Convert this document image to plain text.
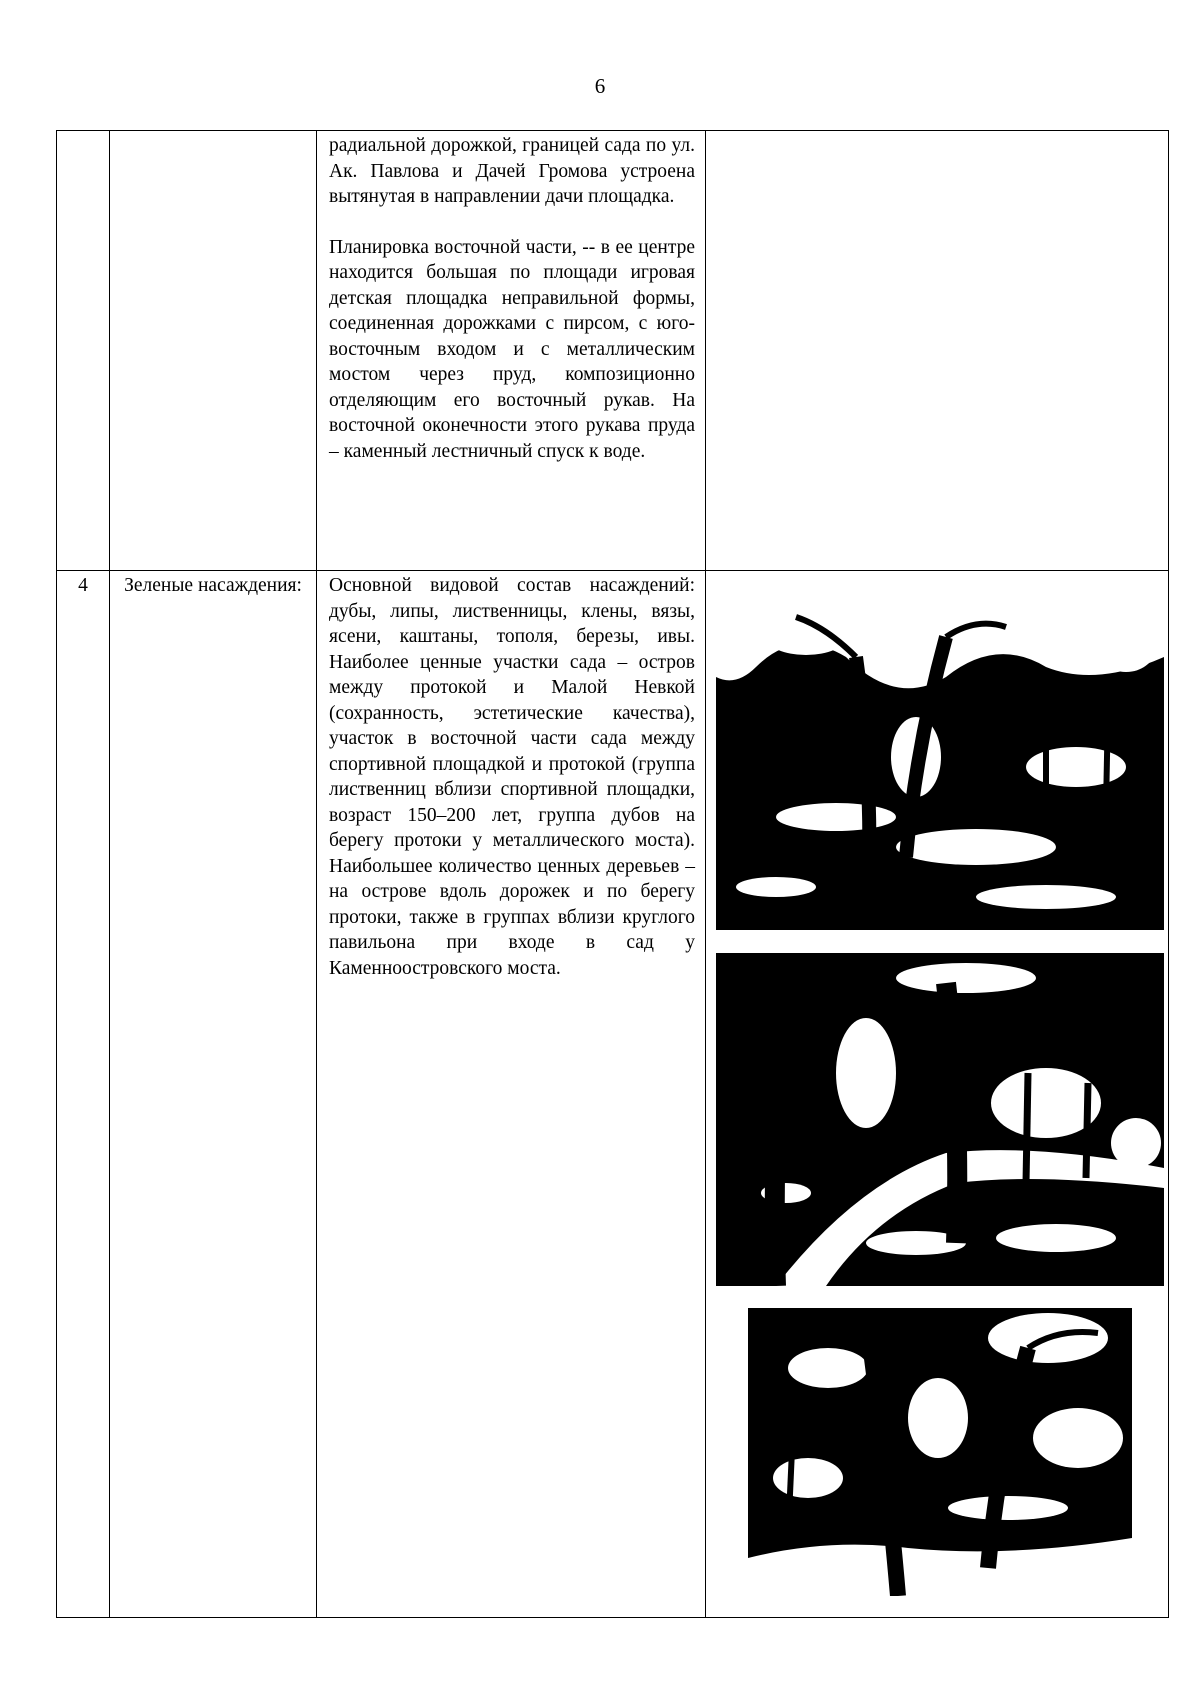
6

		радиальной дорожкой, границей сада по ул. Ак. Павлова и Дачей Громова устроена вытянутая в направлении дачи площадка.

Планировка восточной части, -- в ее центре находится большая по площади игровая детская площадка неправильной формы, соединенная дорожками с пирсом, с юго-восточным входом и с металлическим мостом через пруд, композиционно отделяющим его восточный рукав. На восточной оконечности этого рукава пруда – каменный лестничный спуск к воде.	

4	Зеленые насаждения:	Основной видовой состав насаждений: дубы, липы, лиственницы, клены, вязы, ясени, каштаны, тополя, березы, ивы. Наиболее ценные участки сада – остров между протокой и Малой Невкой (сохранность, эстетические качества), участок в восточной части сада между спортивной площадкой и протокой (группа лиственниц вблизи спортивной площадки, возраст 150–200 лет, группа дубов на берегу протоки у металлического моста). Наибольшее количество ценных деревьев – на острове вдоль дорожек и по берегу протоки, также в группах вблизи круглого павильона при входе в сад у Каменноостровского моста.
